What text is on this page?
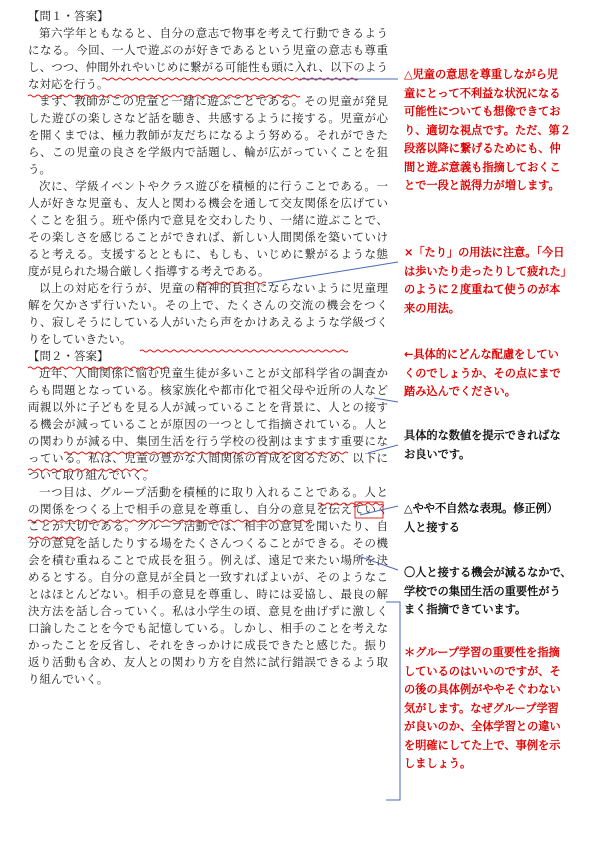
【問１・答案】
第六学年ともなると、自分の意志で物事を考えて行動できるよう
になる。今回、一人で遊ぶのが好きであるという児童の意志も尊重
し、つつ、仲間外れやいじめに繋がる可能性も頭に入れ、以下のよう
な対応を行う。
まず、教師がこの児童と一緒に遊ぶことである。その児童が発見
した遊びの楽しさなど話を聴き、共感するように接する。児童が心
を開くまでは、極力教師が友だちになるよう努める。それができた
ら、この児童の良さを学級内で話題し、輪が広がっていくことを狙
う。
次に、学級イベントやクラス遊びを積極的に行うことである。一
人が好きな児童も、友人と関わる機会を通して交友関係を広げてい
くことを狙う。班や係内で意見を交わしたり、一緒に遊ぶことで、
その楽しさを感じることができれば、新しい人間関係を築いていけ
ると考える。支援するとともに、もしも、いじめに繋がるような態
度が見られた場合厳しく指導する考えである。
以上の対応を行うが、児童の精神的負担にならないように児童理
解を欠かさず行いたい。その上で、たくさんの交流の機会をつく
り、寂しそうにしている人がいたら声をかけあえるような学級づく
りをしていきたい。
【問２・答案】
近年、人間関係に悩む児童生徒が多いことが文部科学省の調査か
らも問題となっている。核家族化や都市化で祖父母や近所の人など
両親以外に子どもを見る人が減っていることを背景に、人との接す
る機会が減っていることが原因の一つとして指摘されている。人と
の関わりが減る中、集団生活を行う学校の役割はますます重要にな
っている。私は、児童の豊かな人間関係の育成を図るため、以下に
ついて取り組んでいく。
一つ目は、グループ活動を積極的に取り入れることである。人と
の関係をつくる上で相手の意見を尊重し、自分の意見を伝えていく
ことが大切である。グループ活動では、相手の意見を聞いたり、自
分の意見を話したりする場をたくさんつくることができる。その機
会を積む重ねることで成長を狙う。例えば、遠足で来たい場所を決
めるとする。自分の意見が全員と一致すればよいが、そのようなこ
とはほとんどない。相手の意見を尊重し、時には妥協し、最良の解
決方法を話し合っていく。私は小学生の頃、意見を曲げずに激しく
口論したことを今でも記憶している。しかし、相手のことを考えな
かったことを反省し、それをきっかけに成長できたと感じた。振り
返り活動も含め、友人との関わり方を自然に試行錯誤できるよう取
り組んでいく。
△児童の意思を尊重しながら児
童にとって不利益な状況になる
可能性についても想像できてお
り、適切な視点です。ただ、第２
段落以降に繋げるためにも、仲
間と遊ぶ意義も指摘しておくこ
とで一段と説得力が増します。
×「たり」の用法に注意。「今日
は歩いたり走ったりして疲れた」
のように２度重ねて使うのが本
来の用法。
←具体的にどんな配慮をしてい
くのでしょうか、その点にまで
踏み込んでください。
具体的な数値を提示できればな
お良いです。
△やや不自然な表現。修正例）
人と接する
〇人と接する機会が減るなかで、
学校での集団生活の重要性がう
まく指摘できています。
＊グループ学習の重要性を指摘
しているのはいいのですが、そ
の後の具体例がややそぐわない
気がします。なぜグループ学習
が良いのか、全体学習との違い
を明確にしてた上で、事例を示
しましょう。
